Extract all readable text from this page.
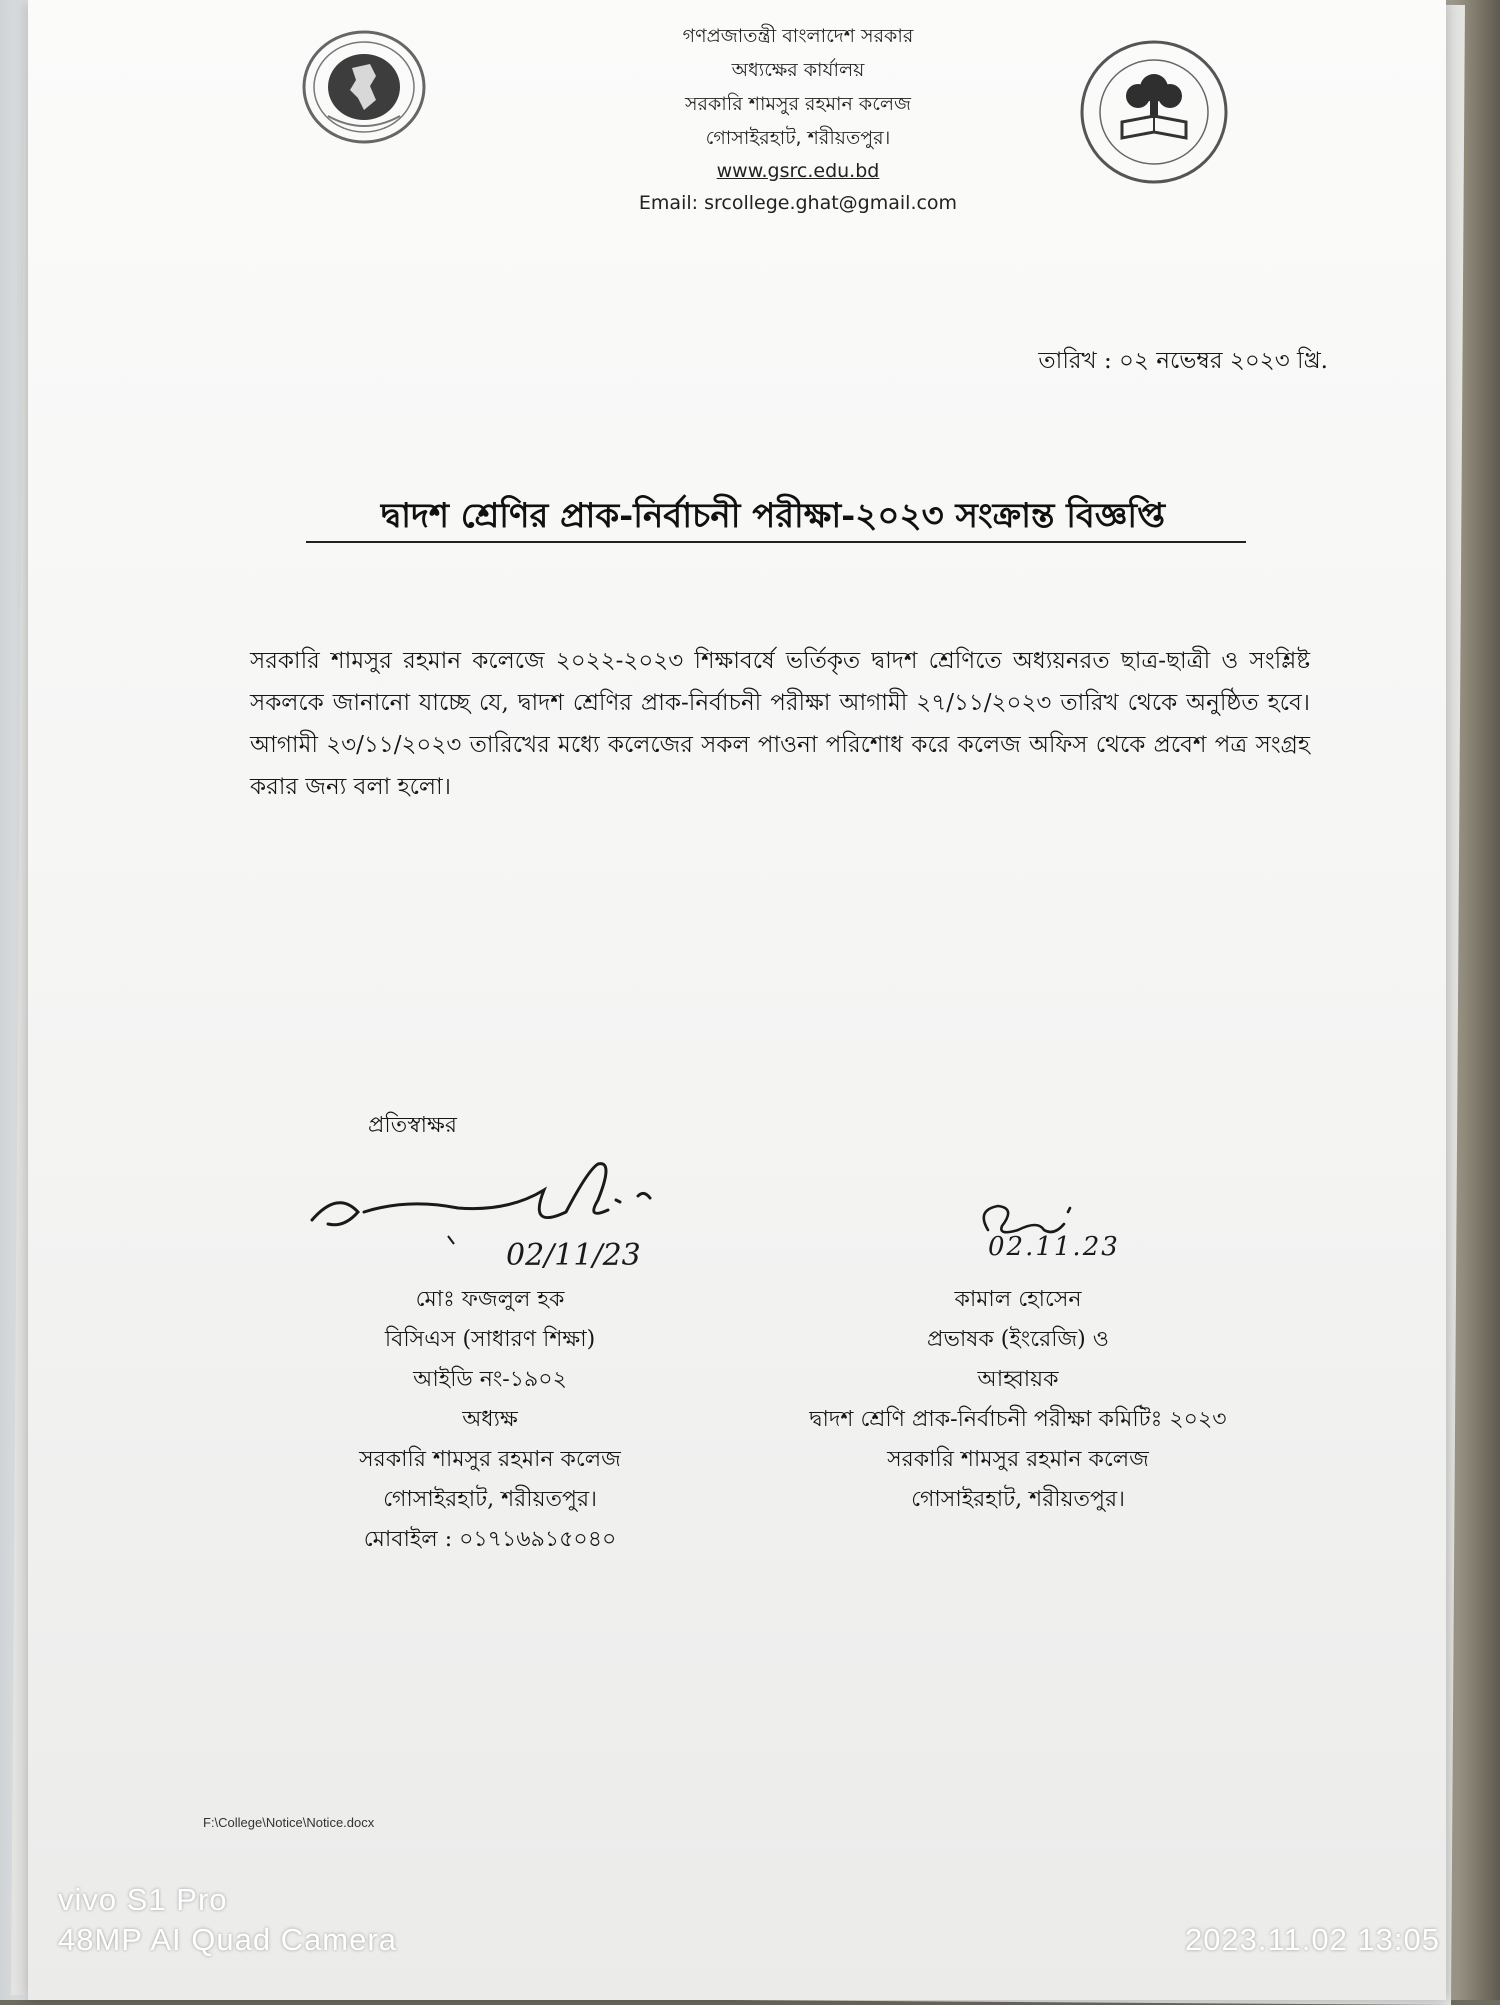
গণপ্রজাতন্ত্রী বাংলাদেশ সরকার
অধ্যক্ষের কার্যালয়
সরকারি শামসুর রহমান কলেজ
গোসাইরহাট, শরীয়তপুর।
www.gsrc.edu.bd
Email: srcollege.ghat@gmail.com
তারিখ : ০২ নভেম্বর ২০২৩ খ্রি.
দ্বাদশ শ্রেণির প্রাক-নির্বাচনী পরীক্ষা-২০২৩ সংক্রান্ত বিজ্ঞপ্তি
সরকারি শামসুর রহমান কলেজে ২০২২-২০২৩ শিক্ষাবর্ষে ভর্তিকৃত দ্বাদশ শ্রেণিতে অধ্যয়নরত ছাত্র-ছাত্রী ও সংশ্লিষ্ট সকলকে জানানো যাচ্ছে যে, দ্বাদশ শ্রেণির প্রাক-নির্বাচনী পরীক্ষা আগামী ২৭/১১/২০২৩ তারিখ থেকে অনুষ্ঠিত হবে। আগামী ২৩/১১/২০২৩ তারিখের মধ্যে কলেজের সকল পাওনা পরিশোধ করে কলেজ অফিস থেকে প্রবেশ পত্র সংগ্রহ করার জন্য বলা হলো।
প্রতিস্বাক্ষর
02/11/23	02.11.23
মোঃ ফজলুল হক
বিসিএস (সাধারণ শিক্ষা)
আইডি নং-১৯০২
অধ্যক্ষ
সরকারি শামসুর রহমান কলেজ
গোসাইরহাট, শরীয়তপুর।
মোবাইল : ০১৭১৬৯১৫০৪০
কামাল হোসেন
প্রভাষক (ইংরেজি) ও
আহ্বায়ক
দ্বাদশ শ্রেণি প্রাক-নির্বাচনী পরীক্ষা কমিটিঃ ২০২৩
সরকারি শামসুর রহমান কলেজ
গোসাইরহাট, শরীয়তপুর।
F:\College\Notice\Notice.docx
vivo S1 Pro
48MP AI Quad Camera	2023.11.02 13:05
